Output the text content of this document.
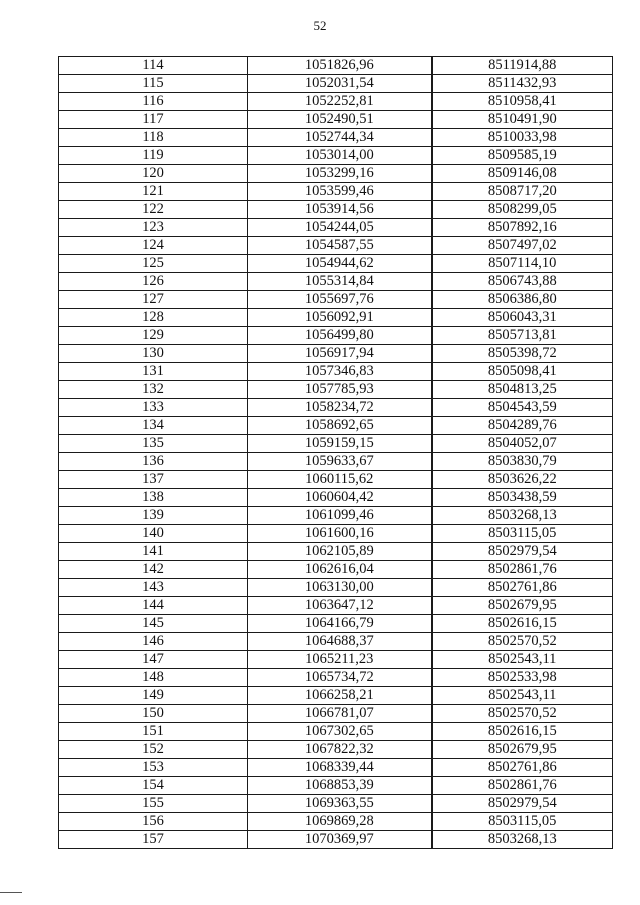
52
114	1051826,96	8511914,88
115	1052031,54	8511432,93
116	1052252,81	8510958,41
117	1052490,51	8510491,90
118	1052744,34	8510033,98
119	1053014,00	8509585,19
120	1053299,16	8509146,08
121	1053599,46	8508717,20
122	1053914,56	8508299,05
123	1054244,05	8507892,16
124	1054587,55	8507497,02
125	1054944,62	8507114,10
126	1055314,84	8506743,88
127	1055697,76	8506386,80
128	1056092,91	8506043,31
129	1056499,80	8505713,81
130	1056917,94	8505398,72
131	1057346,83	8505098,41
132	1057785,93	8504813,25
133	1058234,72	8504543,59
134	1058692,65	8504289,76
135	1059159,15	8504052,07
136	1059633,67	8503830,79
137	1060115,62	8503626,22
138	1060604,42	8503438,59
139	1061099,46	8503268,13
140	1061600,16	8503115,05
141	1062105,89	8502979,54
142	1062616,04	8502861,76
143	1063130,00	8502761,86
144	1063647,12	8502679,95
145	1064166,79	8502616,15
146	1064688,37	8502570,52
147	1065211,23	8502543,11
148	1065734,72	8502533,98
149	1066258,21	8502543,11
150	1066781,07	8502570,52
151	1067302,65	8502616,15
152	1067822,32	8502679,95
153	1068339,44	8502761,86
154	1068853,39	8502861,76
155	1069363,55	8502979,54
156	1069869,28	8503115,05
157	1070369,97	8503268,13
